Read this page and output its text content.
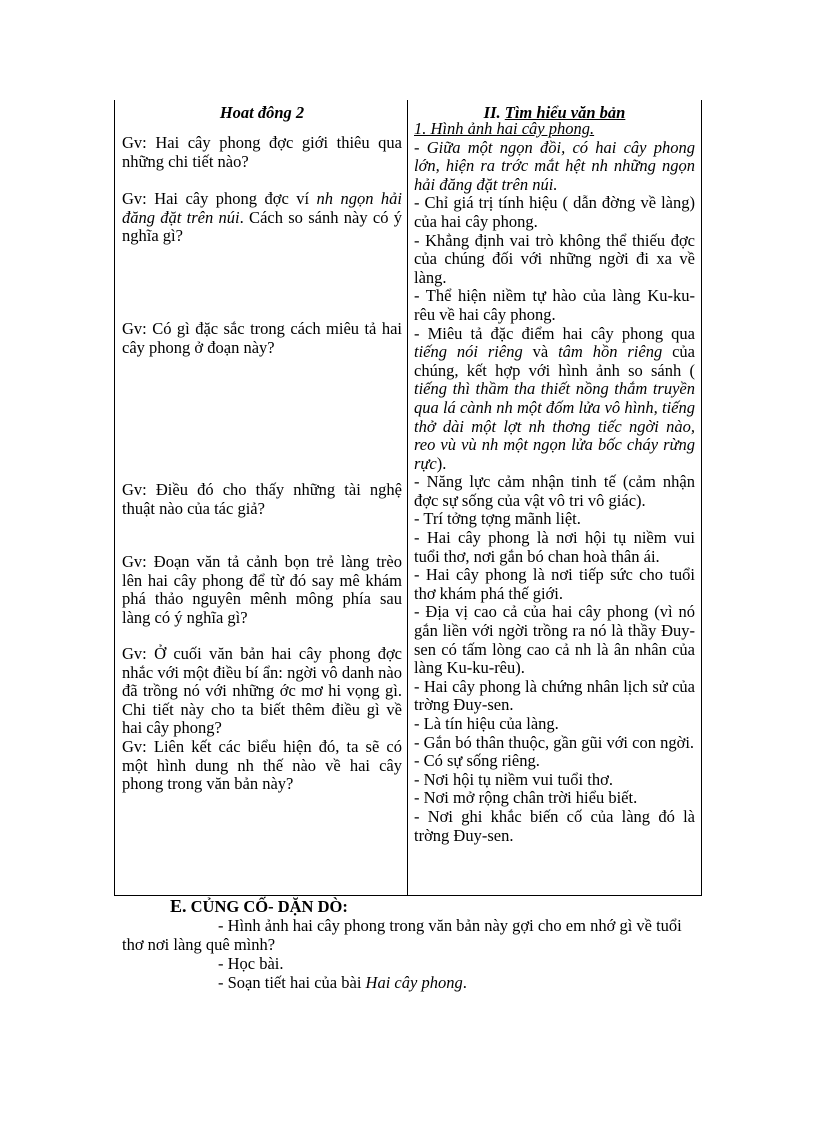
Hoat đông 2

Gv: Hai cây phong đợc giới thiêu qua những chi tiết nào?

Gv: Hai cây phong đợc ví nh ngọn hải đăng đặt trên núi. Cách so sánh này có ý nghĩa gì?

Gv: Có gì đặc sắc trong cách miêu tả hai cây phong ở đoạn này?

Gv: Điều đó cho thấy những tài nghệ thuật nào của tác giả?

Gv: Đoạn văn tả cảnh bọn trẻ làng trèo lên hai cây phong để từ đó say mê khám phá thảo nguyên mênh mông phía sau làng có ý nghĩa gì?

Gv: Ở cuối văn bản hai cây phong đợc nhắc với một điều bí ẩn: ngời vô danh nào đã trồng nó với những ớc mơ hi vọng gì. Chi tiết này cho ta biết thêm điều gì về hai cây phong?

Gv: Liên kết các biểu hiện đó, ta sẽ có một hình dung nh thế nào về hai cây phong trong văn bản này?

II. Tìm hiểu văn bản

1. Hình ảnh hai cây phong.

- Giữa một ngọn đồi, có hai cây phong lớn, hiện ra trớc mắt hệt nh những ngọn hải đăng đặt trên núi.

- Chỉ giá trị tính hiệu ( dẫn đờng về làng) của hai cây phong.

- Khẳng định vai trò không thể thiếu đợc của chúng đối với những ngời đi xa về làng.

- Thể hiện niềm tự hào của làng Ku-ku-rêu về hai cây phong.

- Miêu tả đặc điểm hai cây phong qua tiếng nói riêng và tâm hồn riêng của chúng, kết hợp với hình ảnh so sánh ( tiếng thì thầm tha thiết nồng thắm truyền qua lá cành nh một đốm lửa vô hình, tiếng thở dài một lợt nh thơng tiếc ngời nào, reo vù vù nh một ngọn lửa bốc cháy rừng rực).

- Năng lực cảm nhận tinh tế (cảm nhận đợc sự sống của vật vô tri vô giác).

- Trí tởng tợng mãnh liệt.

- Hai cây phong là nơi hội tụ niềm vui tuổi thơ, nơi gắn bó chan hoà thân ái.

- Hai cây phong là nơi tiếp sức cho tuổi thơ khám phá thế giới.

- Địa vị cao cả của hai cây phong (vì nó gắn liền với ngời trồng ra nó là thầy Đuy-sen có tấm lòng cao cả nh là ân nhân của làng Ku-ku-rêu).

- Hai cây phong là chứng nhân lịch sử của trờng Đuy-sen.

- Là tín hiệu của làng.

- Gắn bó thân thuộc, gần gũi với con ngời.

- Có sự sống riêng.

- Nơi hội tụ niềm vui tuổi thơ.

- Nơi mở rộng chân trời hiểu biết.

- Nơi ghi khắc biến cố của làng đó là trờng Đuy-sen.

E. CỦNG CỐ- DẶN DÒ:
- Hình ảnh hai cây phong trong văn bản này gợi cho em nhớ gì về tuổi thơ nơi làng quê mình?
- Học bài.
- Soạn tiết hai của bài Hai cây phong.
